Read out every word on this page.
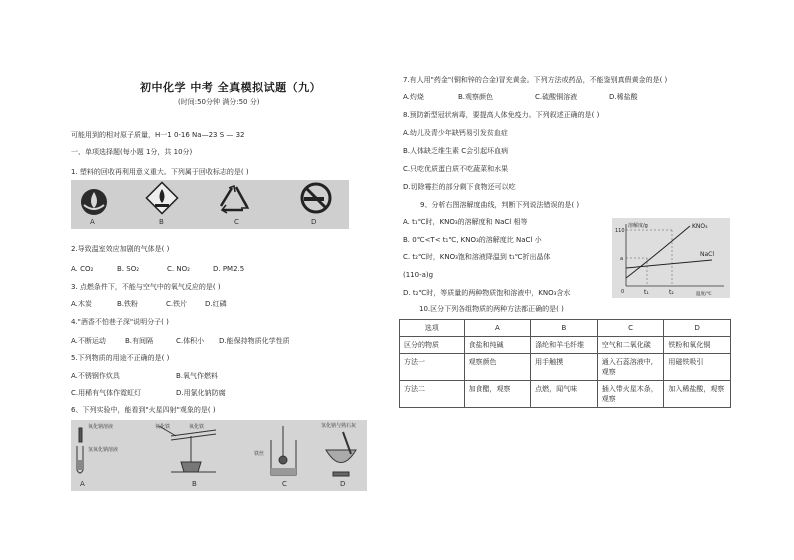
初中化学 中考 全真模拟试题（九）
(时间:50分钟 满分:50 分)
可能用到的相对原子质量，H一1 0-16 Na—23 S — 32
一、单项选择题(每小题 1分，共 10分)
1. 塑料的回收再利用意义重大。下列属于回收标志的是( )
A	B	C	D
2.导致温室效应加剧的气体是( )
A. CO₂	B. SO₂	C. NO₂	D. PM2.5
3. 点燃条件下，不能与空气中的氧气反应的是( )
A.木炭	B.铁粉	C.铁片	D.红磷
4."酒香不怕巷子深"说明分子( )
A.不断运动	B.有间隔	C.体积小 D.能保持物质化学性质
5.下列物质的用途不正确的是( )
A.不锈钢作炊具	B.氧气作燃料
C.用稀有气体作霓虹灯	D.用氯化钠防腐
6、下列实验中，能看到"火星四射"观象的是( )
氧化钠溶液
氢氧化钠溶液
氧化铁	氧化铁
铁丝
氢化钠与熟石灰
A	B	C	D
7.有人用"药金"(铜和锌的合金)冒充黄金。下列方法或药品，不能鉴别真假黄金的是( )
A.灼烧	B.观察颜色	C.硫酸铜溶液	D.稀盐酸
8.预防新型冠状病毒，要提高人体免疫力。下列叙述正确的是( )
A.幼儿及青少年缺钙易引发贫血症
B.人体缺乏维生素 C会引起坏血病
C.只吃优质蛋白质不吃蔬菜和水果
D.切除霉拦的部分剩下食物还可以吃
9、分析右图溶解度曲线，判断下列说法错误的是( )
A. t₁℃时，KNO₃的溶解度和 NaCl 相等
B. 0℃<T< t₁℃, KNO₃的溶解度比 NaCl 小
C. t₂℃时，KNO₃饱和溶液降温到 t₁℃折出晶体
(110-a)g
D. t₂℃时，等质量的两种物质饱和溶液中，KNO₃含水
溶解度/g
110
a
0	t₁	t₂	温度/℃
KNO₃
NaCl
10.区分下列各组物质的两种方法都正确的是( )
选项	A	B	C	D
区分的物质	食盐和纯碱	涤纶和羊毛纤维	空气和二氧化碳	铁粉和氧化铜
方法一	观察颜色	用手触摸	通入石蕊溶液中,观察	用磁铁吸引
方法二	加食醋，观察	点燃，闻气味	插入带火星木条，观察	加入稀盐酸，观察
